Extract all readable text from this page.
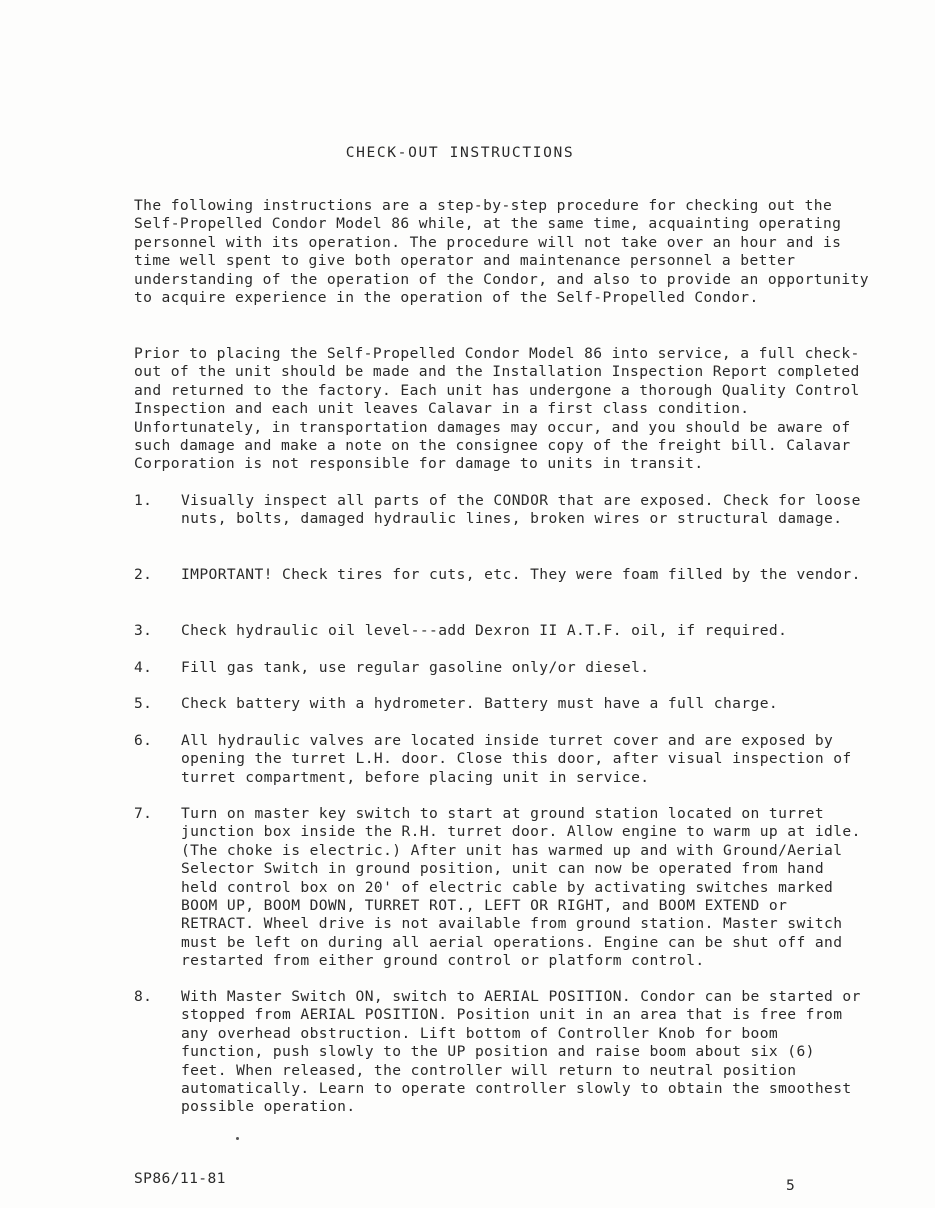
CHECK-OUT INSTRUCTIONS

The following instructions are a step-by-step procedure for checking out the Self-Propelled Condor Model 86 while, at the same time, acquainting operating personnel with its operation. The procedure will not take over an hour and is time well spent to give both operator and maintenance personnel a better understanding of the operation of the Condor, and also to provide an opportunity to acquire experience in the operation of the Self-Propelled Condor.

Prior to placing the Self-Propelled Condor Model 86 into service, a full check-out of the unit should be made and the Installation Inspection Report completed and returned to the factory. Each unit has undergone a thorough Quality Control Inspection and each unit leaves Calavar in a first class condition. Unfortunately, in transportation damages may occur, and you should be aware of such damage and make a note on the consignee copy of the freight bill. Calavar Corporation is not responsible for damage to units in transit.

1.	Visually inspect all parts of the CONDOR that are exposed. Check for loose nuts, bolts, damaged hydraulic lines, broken wires or structural damage.
2.	IMPORTANT! Check tires for cuts, etc. They were foam filled by the vendor.
3.	Check hydraulic oil level---add Dexron II A.T.F. oil, if required.
4.	Fill gas tank, use regular gasoline only/or diesel.
5.	Check battery with a hydrometer. Battery must have a full charge.
6.	All hydraulic valves are located inside turret cover and are exposed by opening the turret L.H. door. Close this door, after visual inspection of turret compartment, before placing unit in service.
7.	Turn on master key switch to start at ground station located on turret junction box inside the R.H. turret door. Allow engine to warm up at idle. (The choke is electric.) After unit has warmed up and with Ground/Aerial Selector Switch in ground position, unit can now be operated from hand held control box on 20' of electric cable by activating switches marked BOOM UP, BOOM DOWN, TURRET ROT., LEFT OR RIGHT, and BOOM EXTEND or RETRACT. Wheel drive is not available from ground station. Master switch must be left on during all aerial operations. Engine can be shut off and restarted from either ground control or platform control.
8.	With Master Switch ON, switch to AERIAL POSITION. Condor can be started or stopped from AERIAL POSITION. Position unit in an area that is free from any overhead obstruction. Lift bottom of Controller Knob for boom function, push slowly to the UP position and raise boom about six (6) feet. When released, the controller will return to neutral position automatically. Learn to operate controller slowly to obtain the smoothest possible operation.
SP86/11-81	5
